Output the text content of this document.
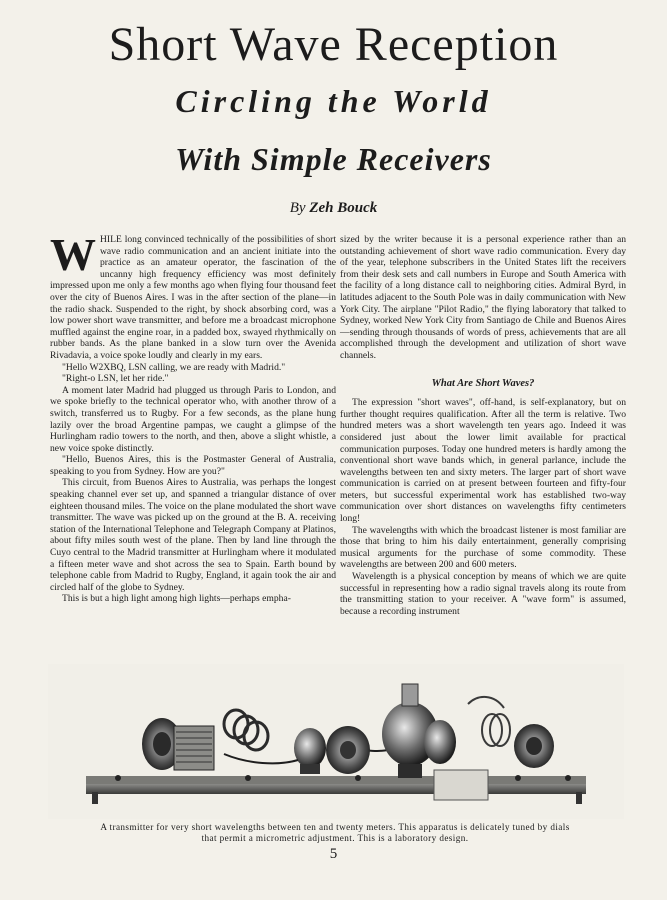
Short Wave Reception
Circling the World
With Simple Receivers
By Zeh Bouck

WHILE long convinced technically of the possibilities of short wave radio communication and an ancient initiate into the practice as an amateur operator, the fascination of the uncanny high frequency efficiency was most definitely impressed upon me only a few months ago when flying four thousand feet over the city of Buenos Aires. I was in the after section of the plane—in the radio shack. Suspended to the right, by shock absorbing cord, was a low power short wave transmitter, and before me a broadcast microphone muffled against the engine roar, in a padded box, swayed rhythmically on rubber bands. As the plane banked in a slow turn over the Avenida Rivadavia, a voice spoke loudly and clearly in my ears.

"Hello W2XBQ, LSN calling, we are ready with Madrid."

"Right-o LSN, let her ride."

A moment later Madrid had plugged us through Paris to London, and we spoke briefly to the technical operator who, with another throw of a switch, transferred us to Rugby. For a few seconds, as the plane hung lazily over the broad Argentine pampas, we caught a glimpse of the Hurlingham radio towers to the north, and then, above a slight whistle, a new voice spoke distinctly.

"Hello, Buenos Aires, this is the Postmaster General of Australia, speaking to you from Sydney. How are you?"

This circuit, from Buenos Aires to Australia, was perhaps the longest speaking channel ever set up, and spanned a triangular distance of over eighteen thousand miles. The voice on the plane modulated the short wave transmitter. The wave was picked up on the ground at the B. A. receiving station of the International Telephone and Telegraph Company at Platinos, about fifty miles south west of the plane. Then by land line through the Cuyo central to the Madrid transmitter at Hurlingham where it modulated a fifteen meter wave and shot across the sea to Spain. Earth bound by telephone cable from Madrid to Rugby, England, it again took the air and circled half of the globe to Sydney.

This is but a high light among high lights—perhaps empha-

sized by the writer because it is a personal experience rather than an outstanding achievement of short wave radio communication. Every day of the year, telephone subscribers in the United States lift the receivers from their desk sets and call numbers in Europe and South America with the facility of a long distance call to neighboring cities. Admiral Byrd, in latitudes adjacent to the South Pole was in daily communication with New York City. The airplane "Pilot Radio," the flying laboratory that talked to Sydney, worked New York City from Santiago de Chile and Buenos Aires—sending through thousands of words of press, achievements that are all accomplished through the development and utilization of short wave channels.

What Are Short Waves?

The expression "short waves", off-hand, is self-explanatory, but on further thought requires qualification. After all the term is relative. Two hundred meters was a short wavelength ten years ago. Indeed it was considered just about the lower limit available for practical communication purposes. Today one hundred meters is hardly among the conventional short wave bands which, in general parlance, include the wavelengths between ten and sixty meters. The larger part of short wave communication is carried on at present between fourteen and fifty-four meters, but successful experimental work has established two-way communication over short distances on wavelengths fifty centimeters long!

The wavelengths with which the broadcast listener is most familiar are those that bring to him his daily entertainment, generally comprising musical arguments for the purchase of some commodity. These wavelengths are between 200 and 600 meters.

Wavelength is a physical conception by means of which we are quite successful in representing how a radio signal travels along its route from the transmitting station to your receiver. A "wave form" is assumed, because a recording instrument

A transmitter for very short wavelengths between ten and twenty meters. This apparatus is delicately tuned by dials that permit a micrometric adjustment. This is a laboratory design.
5
